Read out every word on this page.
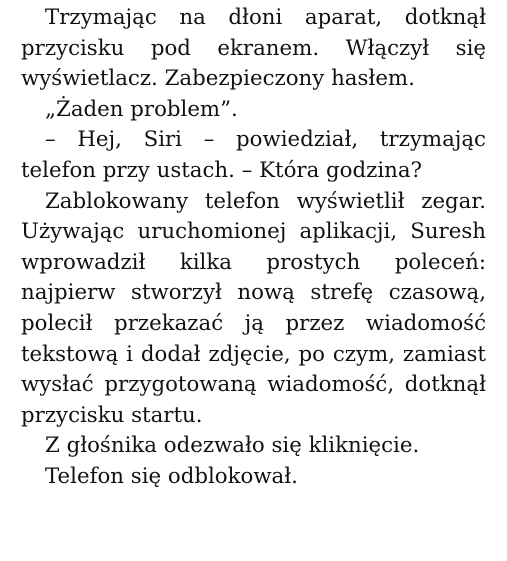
Trzymając na dłoni aparat, dotknął przycisku pod ekranem. Włączył się wyświetlacz. Zabezpieczony hasłem.

„Żaden problem”.

– Hej, Siri – powiedział, trzymając telefon przy ustach. – Która godzina?

Zablokowany telefon wyświetlił zegar. Używając uruchomionej aplikacji, Suresh wprowadził kilka prostych poleceń: najpierw stworzył nową strefę czasową, polecił przekazać ją przez wiadomość tekstową i dodał zdjęcie, po czym, zamiast wysłać przygotowaną wiadomość, dotknął przycisku startu.

Z głośnika odezwało się kliknięcie.

Telefon się odblokował.
